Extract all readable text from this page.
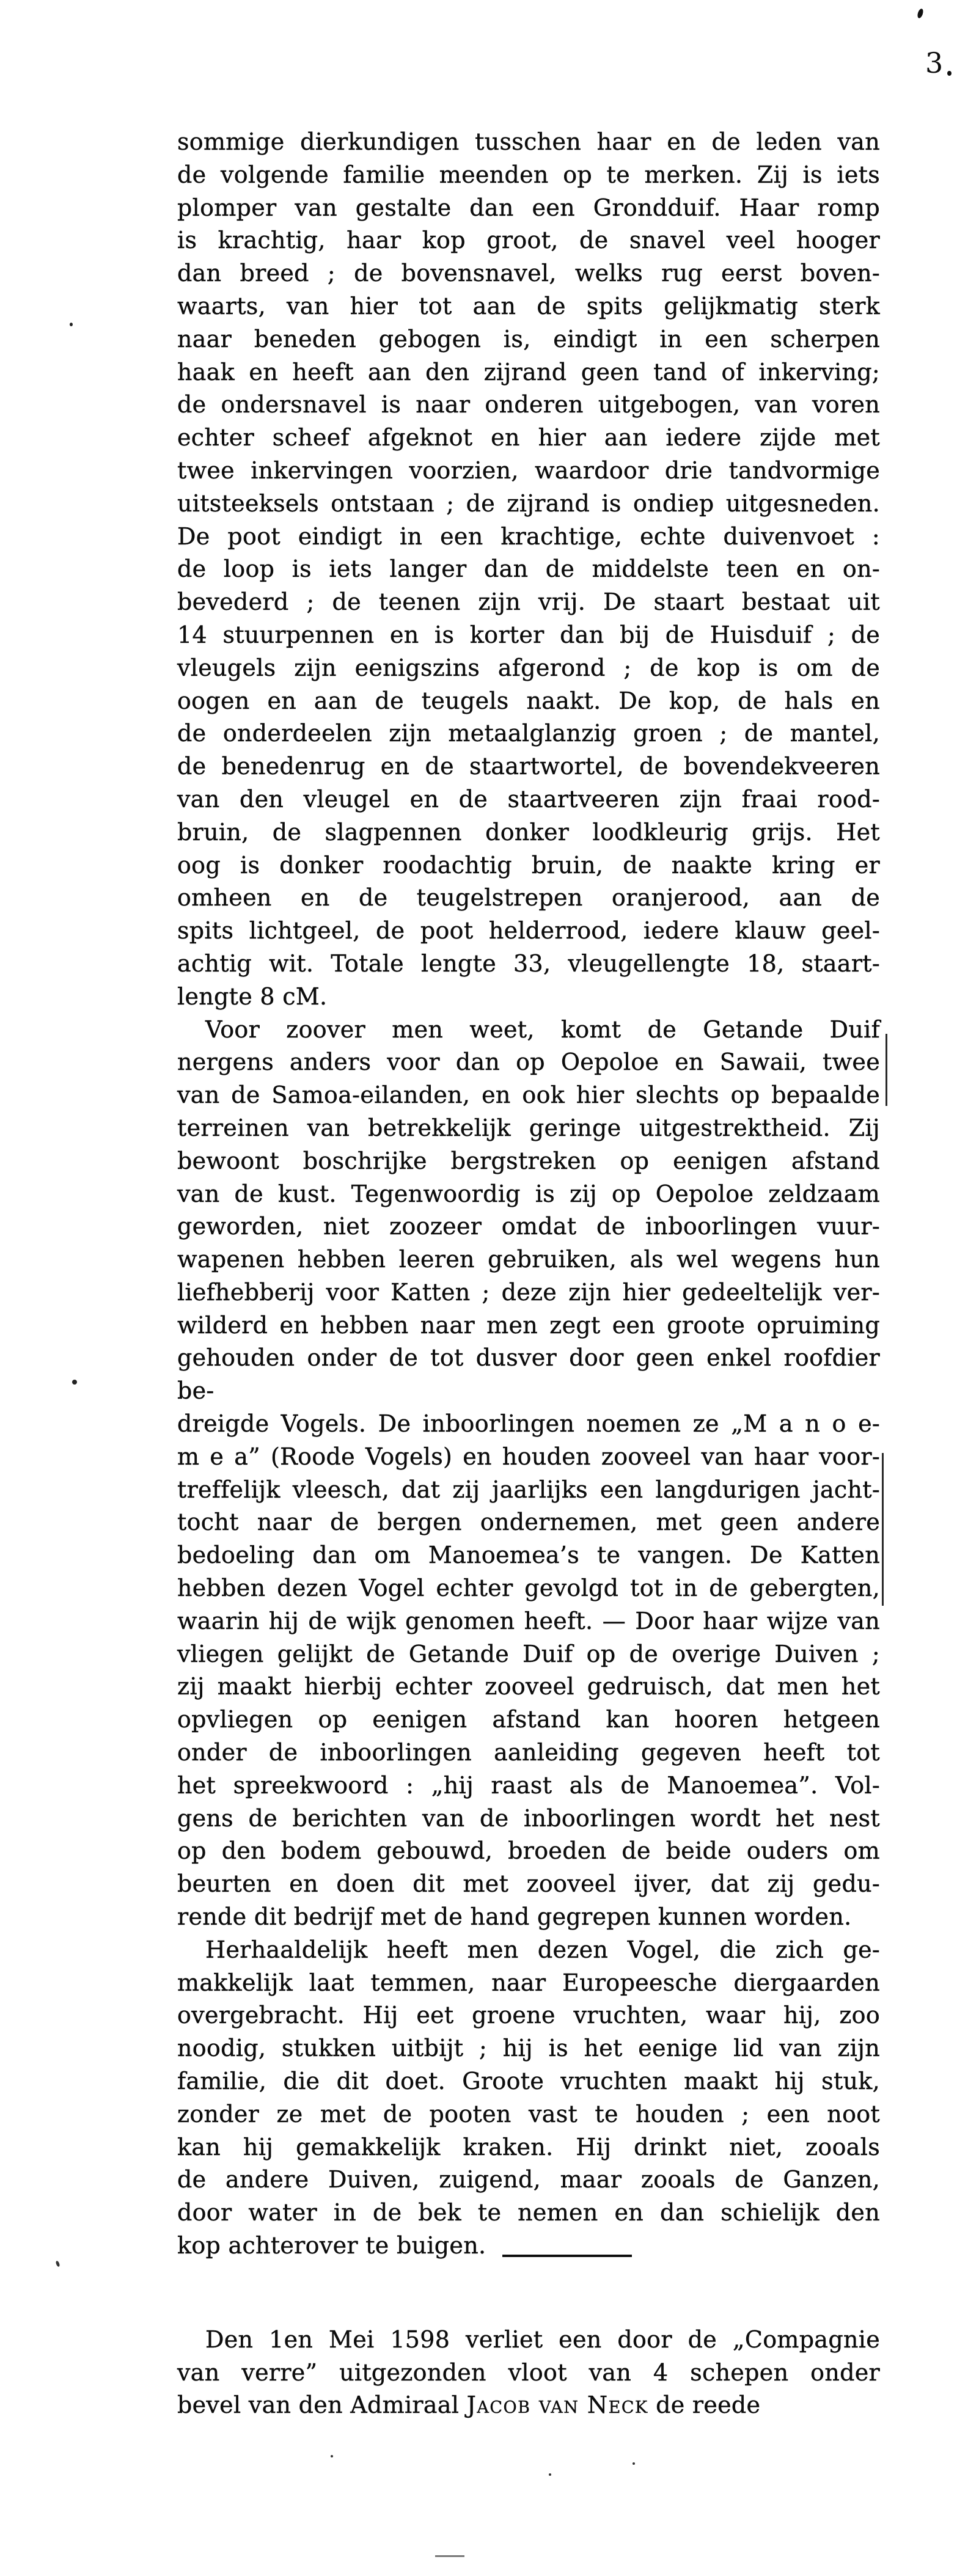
3
sommige dierkundigen tusschen haar en de leden van
de volgende familie meenden op te merken. Zij is iets
plomper van gestalte dan een Grondduif. Haar romp
is krachtig, haar kop groot, de snavel veel hooger
dan breed ; de bovensnavel, welks rug eerst boven-
waarts, van hier tot aan de spits gelijkmatig sterk
naar beneden gebogen is, eindigt in een scherpen
haak en heeft aan den zijrand geen tand of inkerving;
de ondersnavel is naar onderen uitgebogen, van voren
echter scheef afgeknot en hier aan iedere zijde met
twee inkervingen voorzien, waardoor drie tandvormige
uitsteeksels ontstaan ; de zijrand is ondiep uitgesneden.
De poot eindigt in een krachtige, echte duivenvoet :
de loop is iets langer dan de middelste teen en on-
bevederd ; de teenen zijn vrij. De staart bestaat uit
14 stuurpennen en is korter dan bij de Huisduif ; de
vleugels zijn eenigszins afgerond ; de kop is om de
oogen en aan de teugels naakt. De kop, de hals en
de onderdeelen zijn metaalglanzig groen ; de mantel,
de benedenrug en de staartwortel, de bovendekveeren
van den vleugel en de staartveeren zijn fraai rood-
bruin, de slagpennen donker loodkleurig grijs. Het
oog is donker roodachtig bruin, de naakte kring er
omheen en de teugelstrepen oranjerood, aan de
spits lichtgeel, de poot helderrood, iedere klauw geel-
achtig wit. Totale lengte 33, vleugellengte 18, staart-
lengte 8 cM.
Voor zoover men weet, komt de Getande Duif
nergens anders voor dan op Oepoloe en Sawaii, twee
van de Samoa-eilanden, en ook hier slechts op bepaalde
terreinen van betrekkelijk geringe uitgestrektheid. Zij
bewoont boschrijke bergstreken op eenigen afstand
van de kust. Tegenwoordig is zij op Oepoloe zeldzaam
geworden, niet zoozeer omdat de inboorlingen vuur-
wapenen hebben leeren gebruiken, als wel wegens hun
liefhebberij voor Katten ; deze zijn hier gedeeltelijk ver-
wilderd en hebben naar men zegt een groote opruiming
gehouden onder de tot dusver door geen enkel roofdier be-
dreigde Vogels. De inboorlingen noemen ze „M a n o e-
m e a” (Roode Vogels) en houden zooveel van haar voor-
treffelijk vleesch, dat zij jaarlijks een langdurigen jacht-
tocht naar de bergen ondernemen, met geen andere
bedoeling dan om Manoemea’s te vangen. De Katten
hebben dezen Vogel echter gevolgd tot in de gebergten,
waarin hij de wijk genomen heeft. — Door haar wijze van
vliegen gelijkt de Getande Duif op de overige Duiven ;
zij maakt hierbij echter zooveel gedruisch, dat men het
opvliegen op eenigen afstand kan hooren hetgeen
onder de inboorlingen aanleiding gegeven heeft tot
het spreekwoord : „hij raast als de Manoemea”. Vol-
gens de berichten van de inboorlingen wordt het nest
op den bodem gebouwd, broeden de beide ouders om
beurten en doen dit met zooveel ijver, dat zij gedu-
rende dit bedrijf met de hand gegrepen kunnen worden.
Herhaaldelijk heeft men dezen Vogel, die zich ge-
makkelijk laat temmen, naar Europeesche diergaarden
overgebracht. Hij eet groene vruchten, waar hij, zoo
noodig, stukken uitbijt ; hij is het eenige lid van zijn
familie, die dit doet. Groote vruchten maakt hij stuk,
zonder ze met de pooten vast te houden ; een noot
kan hij gemakkelijk kraken. Hij drinkt niet, zooals
de andere Duiven, zuigend, maar zooals de Ganzen,
door water in de bek te nemen en dan schielijk den
kop achterover te buigen.
Den 1en Mei 1598 verliet een door de „Compagnie
van verre” uitgezonden vloot van 4 schepen onder
bevel van den Admiraal Jacob van Neck de reede
